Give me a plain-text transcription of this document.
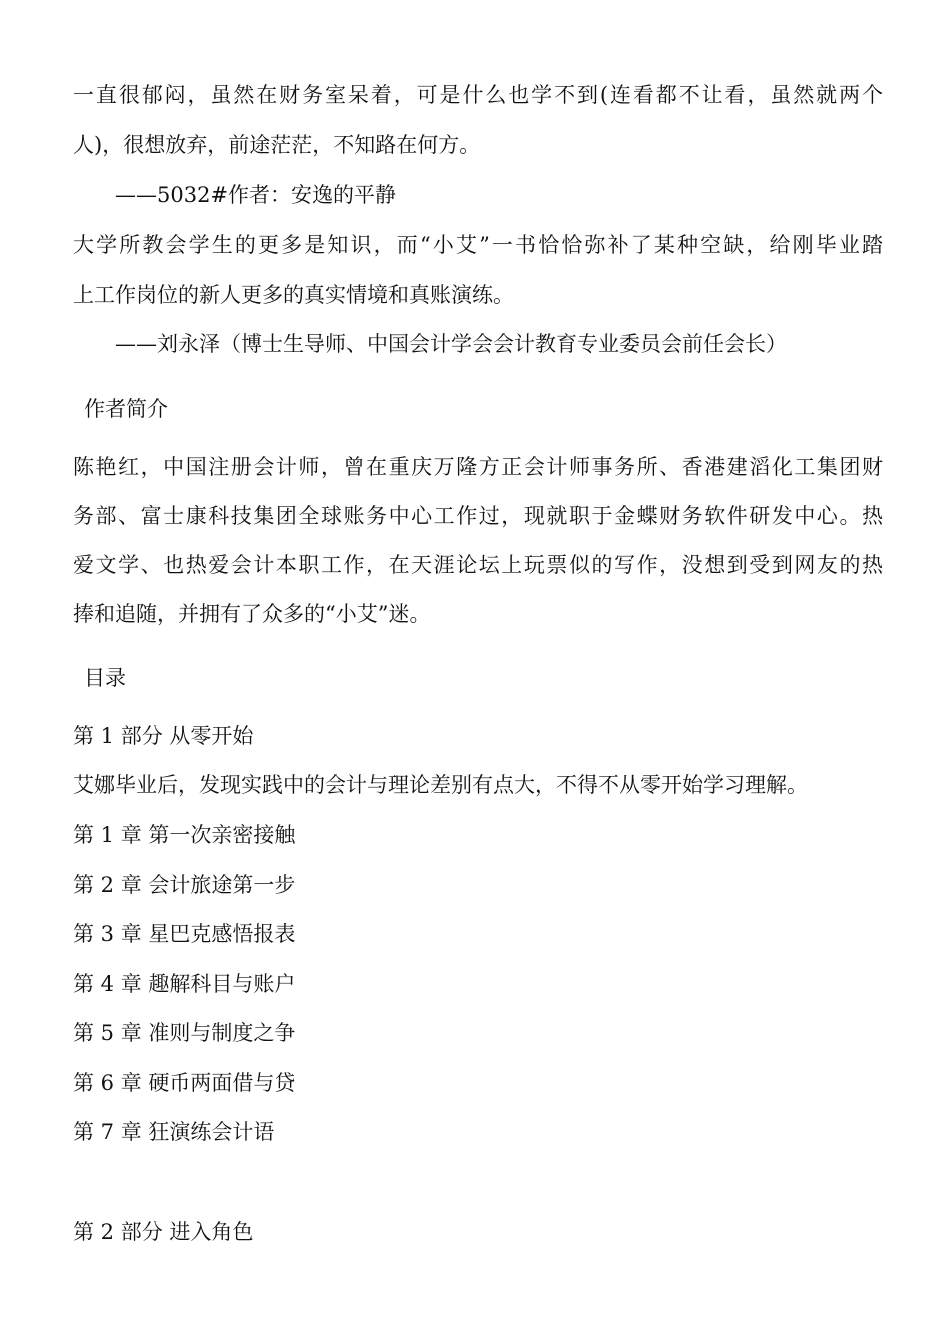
一直很郁闷，虽然在财务室呆着，可是什么也学不到(连看都不让看，虽然就两个
人)，很想放弃，前途茫茫，不知路在何方。
——5032#作者：安逸的平静
大学所教会学生的更多是知识，而“小艾”一书恰恰弥补了某种空缺，给刚毕业踏
上工作岗位的新人更多的真实情境和真账演练。
——刘永泽（博士生导师、中国会计学会会计教育专业委员会前任会长）
作者简介
陈艳红，中国注册会计师，曾在重庆万隆方正会计师事务所、香港建滔化工集团财
务部、富士康科技集团全球账务中心工作过，现就职于金蝶财务软件研发中心。热
爱文学、也热爱会计本职工作，在天涯论坛上玩票似的写作，没想到受到网友的热
捧和追随，并拥有了众多的“小艾”迷。
目录
第 1 部分 从零开始
艾娜毕业后，发现实践中的会计与理论差别有点大，不得不从零开始学习理解。
第 1 章 第一次亲密接触
第 2 章 会计旅途第一步
第 3 章 星巴克感悟报表
第 4 章 趣解科目与账户
第 5 章 准则与制度之争
第 6 章 硬币两面借与贷
第 7 章 狂演练会计语
第 2 部分 进入角色
